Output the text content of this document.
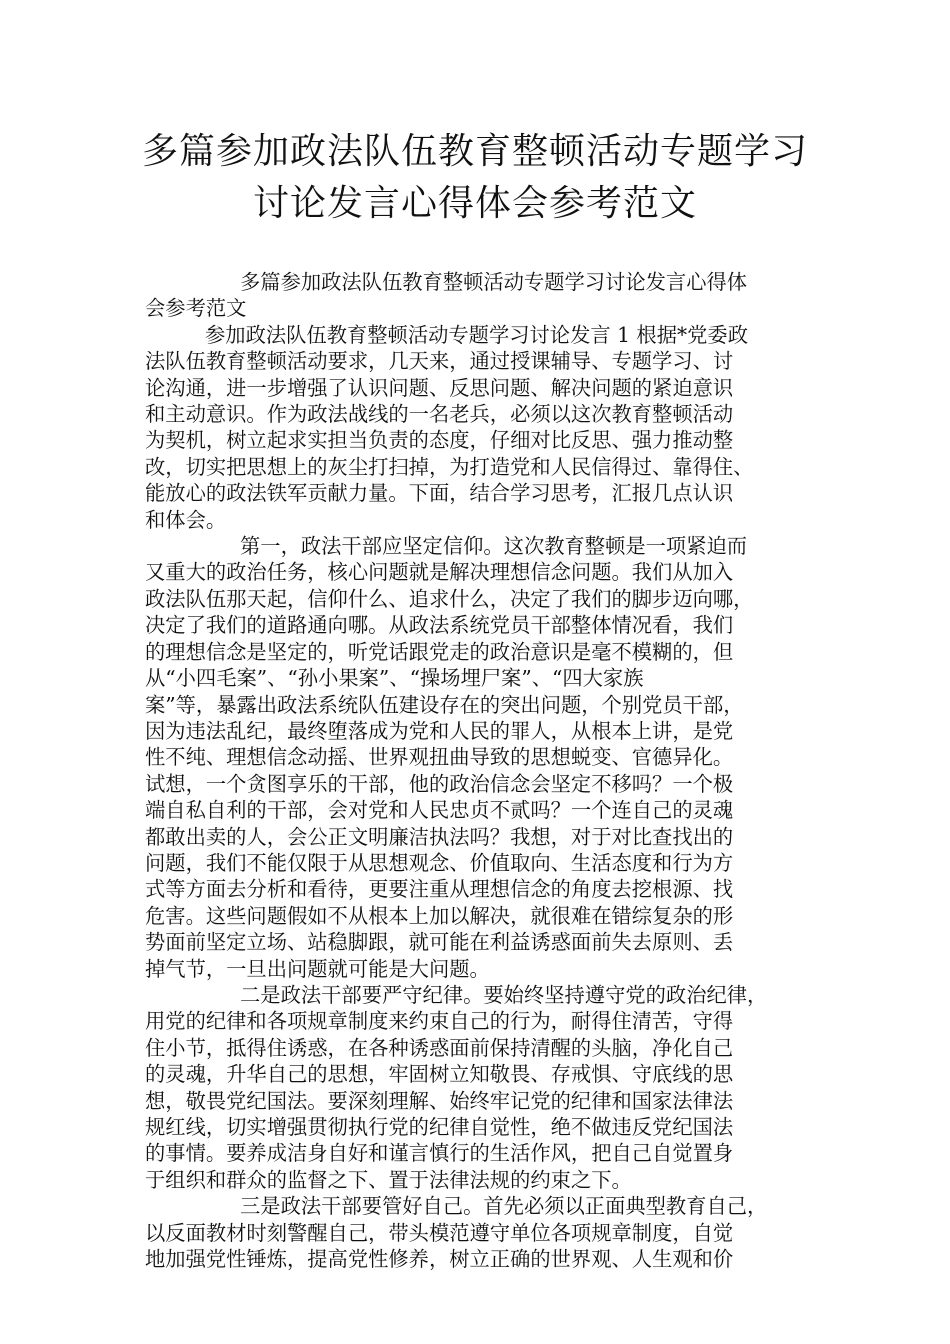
多篇参加政法队伍教育整顿活动专题学习
讨论发言心得体会参考范文
多篇参加政法队伍教育整顿活动专题学习讨论发言心得体
会参考范文
参加政法队伍教育整顿活动专题学习讨论发言 1 根据*党委政
法队伍教育整顿活动要求，几天来，通过授课辅导、专题学习、讨
论沟通，进一步增强了认识问题、反思问题、解决问题的紧迫意识
和主动意识。作为政法战线的一名老兵，必须以这次教育整顿活动
为契机，树立起求实担当负责的态度，仔细对比反思、强力推动整
改，切实把思想上的灰尘打扫掉，为打造党和人民信得过、靠得住、
能放心的政法铁军贡献力量。下面，结合学习思考，汇报几点认识
和体会。
第一，政法干部应坚定信仰。这次教育整顿是一项紧迫而
又重大的政治任务，核心问题就是解决理想信念问题。我们从加入
政法队伍那天起，信仰什么、追求什么，决定了我们的脚步迈向哪，
决定了我们的道路通向哪。从政法系统党员干部整体情况看，我们
的理想信念是坚定的，听党话跟党走的政治意识是毫不模糊的，但
从“小四毛案”、“孙小果案”、“操场埋尸案”、“四大家族
案”等，暴露出政法系统队伍建设存在的突出问题，个别党员干部，
因为违法乱纪，最终堕落成为党和人民的罪人，从根本上讲，是党
性不纯、理想信念动摇、世界观扭曲导致的思想蜕变、官德异化。
试想，一个贪图享乐的干部，他的政治信念会坚定不移吗？一个极
端自私自利的干部，会对党和人民忠贞不贰吗？一个连自己的灵魂
都敢出卖的人，会公正文明廉洁执法吗？我想，对于对比查找出的
问题，我们不能仅限于从思想观念、价值取向、生活态度和行为方
式等方面去分析和看待，更要注重从理想信念的角度去挖根源、找
危害。这些问题假如不从根本上加以解决，就很难在错综复杂的形
势面前坚定立场、站稳脚跟，就可能在利益诱惑面前失去原则、丢
掉气节，一旦出问题就可能是大问题。
二是政法干部要严守纪律。要始终坚持遵守党的政治纪律，
用党的纪律和各项规章制度来约束自己的行为，耐得住清苦，守得
住小节，抵得住诱惑，在各种诱惑面前保持清醒的头脑，净化自己
的灵魂，升华自己的思想，牢固树立知敬畏、存戒惧、守底线的思
想，敬畏党纪国法。要深刻理解、始终牢记党的纪律和国家法律法
规红线，切实增强贯彻执行党的纪律自觉性，绝不做违反党纪国法
的事情。要养成洁身自好和谨言慎行的生活作风，把自己自觉置身
于组织和群众的监督之下、置于法律法规的约束之下。
三是政法干部要管好自己。首先必须以正面典型教育自己，
以反面教材时刻警醒自己，带头模范遵守单位各项规章制度，自觉
地加强党性锤炼，提高党性修养，树立正确的世界观、人生观和价
